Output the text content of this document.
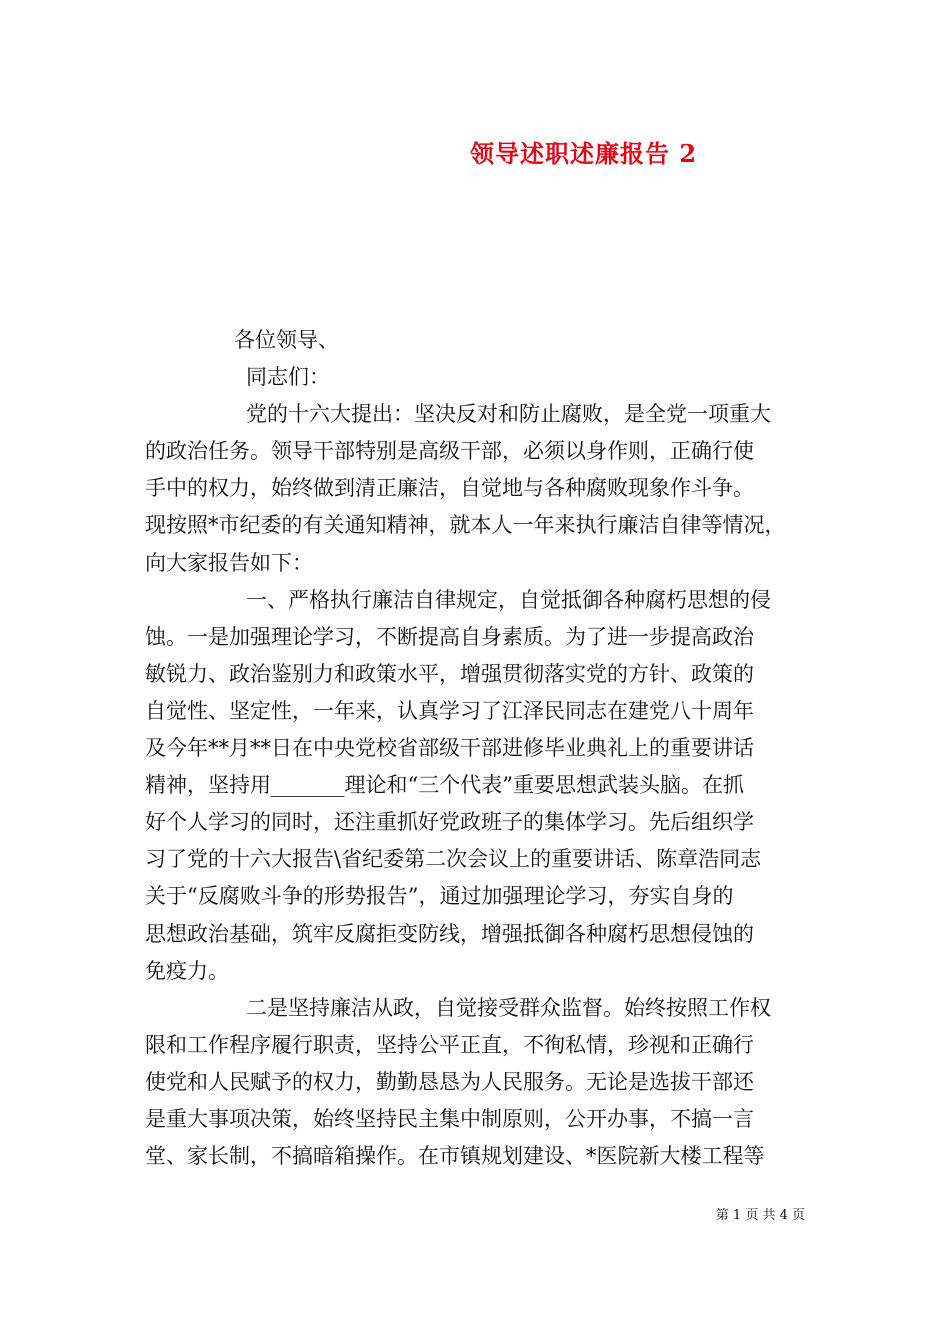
领导述职述廉报告 2
各位领导、
同志们：
党的十六大提出：坚决反对和防止腐败，是全党一项重大
的政治任务。领导干部特别是高级干部，必须以身作则，正确行使
手中的权力，始终做到清正廉洁，自觉地与各种腐败现象作斗争。
现按照*市纪委的有关通知精神，就本人一年来执行廉洁自律等情况，
向大家报告如下：
一、严格执行廉洁自律规定，自觉抵御各种腐朽思想的侵
蚀。一是加强理论学习，不断提高自身素质。为了进一步提高政治
敏锐力、政治鉴别力和政策水平，增强贯彻落实党的方针、政策的
自觉性、坚定性，一年来，认真学习了江泽民同志在建党八十周年
及今年**月**日在中央党校省部级干部进修毕业典礼上的重要讲话
精神，坚持用_______理论和“三个代表”重要思想武装头脑。在抓
好个人学习的同时，还注重抓好党政班子的集体学习。先后组织学
习了党的十六大报告\省纪委第二次会议上的重要讲话、陈章浩同志
关于“反腐败斗争的形势报告”，通过加强理论学习，夯实自身的
思想政治基础，筑牢反腐拒变防线，增强抵御各种腐朽思想侵蚀的
免疫力。
二是坚持廉洁从政，自觉接受群众监督。始终按照工作权
限和工作程序履行职责，坚持公平正直，不徇私情，珍视和正确行
使党和人民赋予的权力，勤勤恳恳为人民服务。无论是选拔干部还
是重大事项决策，始终坚持民主集中制原则，公开办事，不搞一言
堂、家长制，不搞暗箱操作。在市镇规划建设、*医院新大楼工程等
第 1 页 共 4 页
